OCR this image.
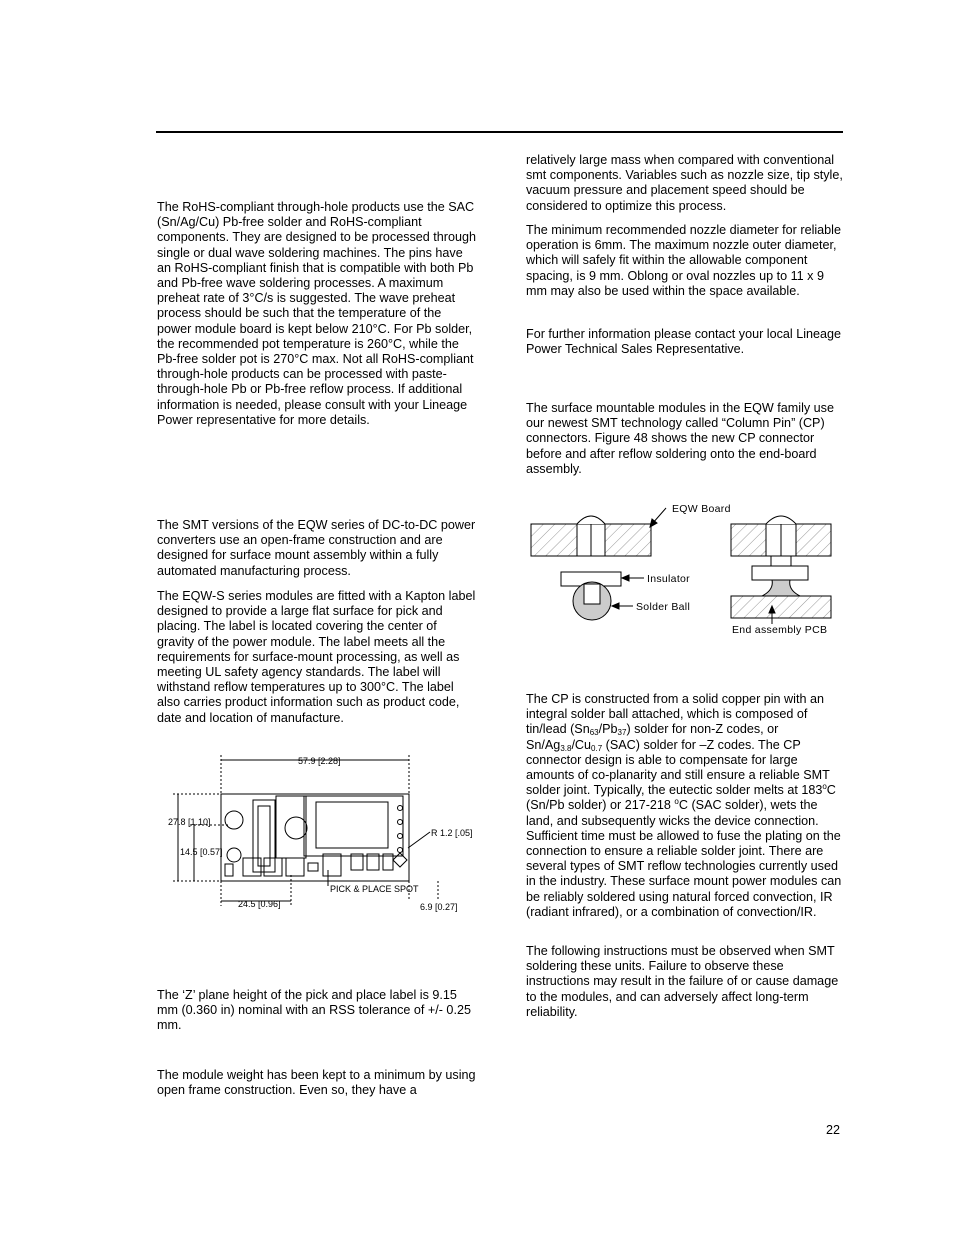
The RoHS-compliant through-hole products use the SAC (Sn/Ag/Cu) Pb-free solder and RoHS-compliant components. They are designed to be processed through single or dual wave soldering machines. The pins have an RoHS-compliant finish that is compatible with both Pb and Pb-free wave soldering processes. A maximum preheat rate of 3°C/s is suggested. The wave preheat process should be such that the temperature of the power module board is kept below 210°C. For Pb solder, the recommended pot temperature is 260°C, while the Pb-free solder pot is 270°C max. Not all RoHS-compliant through-hole products can be processed with paste-through-hole Pb or Pb-free reflow process. If additional information is needed, please consult with your Lineage Power representative for more details.

The SMT versions of the EQW series of DC-to-DC power converters use an open-frame construction and are designed for surface mount assembly within a fully automated manufacturing process.

The EQW-S series modules are fitted with a Kapton label designed to provide a large flat surface for pick and placing. The label is located covering the center of gravity of the power module. The label meets all the requirements for surface-mount processing, as well as meeting UL safety agency standards. The label will withstand reflow temperatures up to 300°C. The label also carries product information such as product code, date and location of manufacture.

57.9 [2.28]
27.8 [1.10]
14.5 [0.57]
R 1.2 [.05]
PICK & PLACE SPOT
24.5 [0.96]	6.9 [0.27]

The ‘Z’ plane height of the pick and place label is 9.15 mm (0.360 in) nominal with an RSS tolerance of +/- 0.25 mm.

The module weight has been kept to a minimum by using open frame construction. Even so, they have a

relatively large mass when compared with conventional smt components. Variables such as nozzle size, tip style, vacuum pressure and placement speed should be considered to optimize this process.

The minimum recommended nozzle diameter for reliable operation is 6mm. The maximum nozzle outer diameter, which will safely fit within the allowable component spacing, is 9 mm. Oblong or oval nozzles up to 11 x 9 mm may also be used within the space available.

For further information please contact your local Lineage Power Technical Sales Representative.

The surface mountable modules in the EQW family use our newest SMT technology called “Column Pin” (CP) connectors. Figure 48 shows the new CP connector before and after reflow soldering onto the end-board assembly.

EQW Board
Insulator
Solder Ball
End assembly PCB

The CP is constructed from a solid copper pin with an integral solder ball attached, which is composed of tin/lead $(Sn_{63}/Pb_{37})$ solder for non-Z codes, or $Sn/Ag_{3.8}/Cu_{0.7}$ (SAC) solder for –Z codes. The CP connector design is able to compensate for large amounts of co-planarity and still ensure a reliable SMT solder joint. Typically, the eutectic solder melts at 183$^o$C (Sn/Pb solder) or 217-218 $^o$C (SAC solder), wets the land, and subsequently wicks the device connection. Sufficient time must be allowed to fuse the plating on the connection to ensure a reliable solder joint. There are several types of SMT reflow technologies currently used in the industry. These surface mount power modules can be reliably soldered using natural forced convection, IR (radiant infrared), or a combination of convection/IR.

The following instructions must be observed when SMT soldering these units. Failure to observe these instructions may result in the failure of or cause damage to the modules, and can adversely affect long-term reliability.

22
